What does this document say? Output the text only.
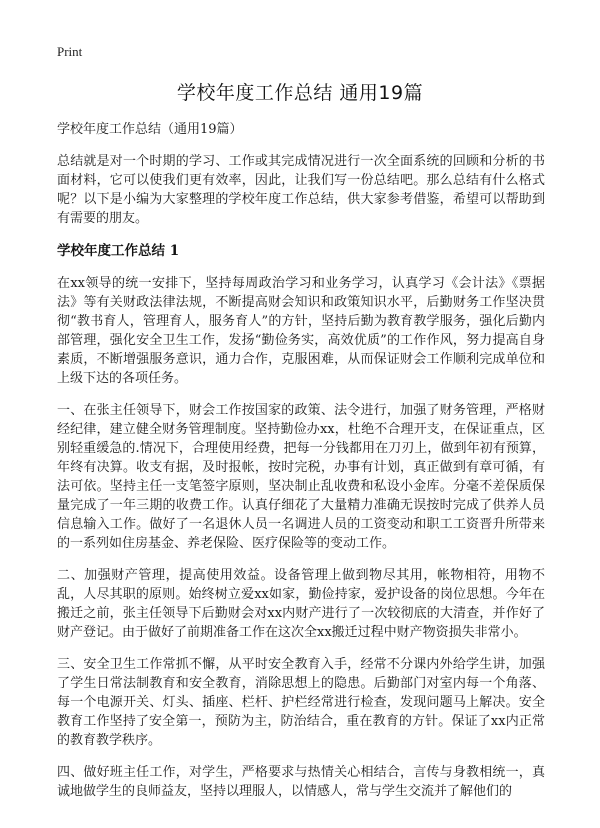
Print
学校年度工作总结 通用19篇

学校年度工作总结（通用19篇）

总结就是对一个时期的学习、工作或其完成情况进行一次全面系统的回顾和分析的书面材料，它可以使我们更有效率，因此，让我们写一份总结吧。那么总结有什么格式呢？以下是小编为大家整理的学校年度工作总结，供大家参考借鉴，希望可以帮助到有需要的朋友。

学校年度工作总结 1

在xx领导的统一安排下，坚持每周政治学习和业务学习，认真学习《会计法》《票据法》等有关财政法律法规，不断提高财会知识和政策知识水平，后勤财务工作坚决贯彻“教书育人，管理育人，服务育人”的方针，坚持后勤为教育教学服务，强化后勤内部管理，强化安全卫生工作，发扬“勤俭务实，高效优质”的工作作风，努力提高自身素质，不断增强服务意识，通力合作，克服困难，从而保证财会工作顺利完成单位和上级下达的各项任务。

一、在张主任领导下，财会工作按国家的政策、法令进行，加强了财务管理，严格财经纪律，建立健全财务管理制度。坚持勤俭办xx，杜绝不合理开支，在保证重点，区别轻重缓急的.情况下，合理使用经费，把每一分钱都用在刀刃上，做到年初有预算，年终有决算。收支有据，及时报帐，按时完税，办事有计划，真正做到有章可循，有法可依。坚持主任一支笔签字原则，坚决制止乱收费和私设小金库。分毫不差保质保量完成了一年三期的收费工作。认真仔细花了大量精力准确无误按时完成了供养人员信息输入工作。做好了一名退休人员一名调进人员的工资变动和职工工资晋升所带来的一系列如住房基金、养老保险、医疗保险等的变动工作。

二、加强财产管理，提高使用效益。设备管理上做到物尽其用，帐物相符，用物不乱，人尽其职的原则。始终树立爱xx如家，勤俭持家，爱护设备的岗位思想。今年在搬迁之前，张主任领导下后勤财会对xx内财产进行了一次较彻底的大清查，并作好了财产登记。由于做好了前期准备工作在这次全xx搬迁过程中财产物资损失非常小。

三、安全卫生工作常抓不懈，从平时安全教育入手，经常不分课内外给学生讲，加强了学生日常法制教育和安全教育，消除思想上的隐患。后勤部门对室内每一个角落、每一个电源开关、灯头、插座、栏杆、护栏经常进行检查，发现问题马上解决。安全教育工作坚持了安全第一，预防为主，防治结合，重在教育的方针。保证了xx内正常的教育教学秩序。

四、做好班主任工作，对学生，严格要求与热情关心相结合，言传与身教相统一，真诚地做学生的良师益友，坚持以理服人，以情感人，常与学生交流并了解他们的
